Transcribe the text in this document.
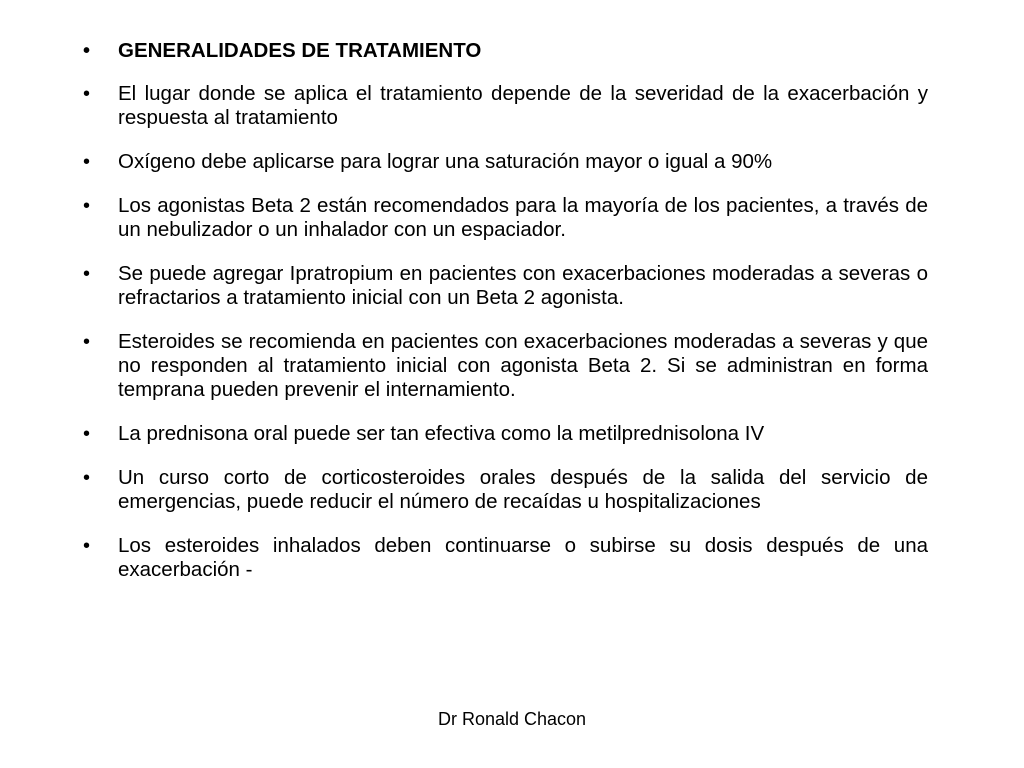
• GENERALIDADES DE TRATAMIENTO
• El lugar donde se aplica el tratamiento depende de la severidad de la exacerbación y respuesta al tratamiento
• Oxígeno debe aplicarse para lograr una saturación mayor o igual a 90%
• Los agonistas Beta 2 están recomendados para la mayoría de los pacientes, a través de un nebulizador o un inhalador con un espaciador.
• Se puede agregar Ipratropium en pacientes con exacerbaciones moderadas a severas o refractarios a tratamiento inicial con un Beta 2 agonista.
• Esteroides se recomienda en pacientes con exacerbaciones moderadas a severas y que no responden al tratamiento inicial con agonista Beta 2. Si se administran en forma temprana pueden prevenir el internamiento.
• La prednisona oral puede ser tan efectiva como la metilprednisolona IV
• Un curso corto de corticosteroides orales después de la salida del servicio de emergencias, puede reducir el número de recaídas u hospitalizaciones
• Los esteroides inhalados deben continuarse o subirse su dosis después de una exacerbación -
Dr Ronald Chacon
